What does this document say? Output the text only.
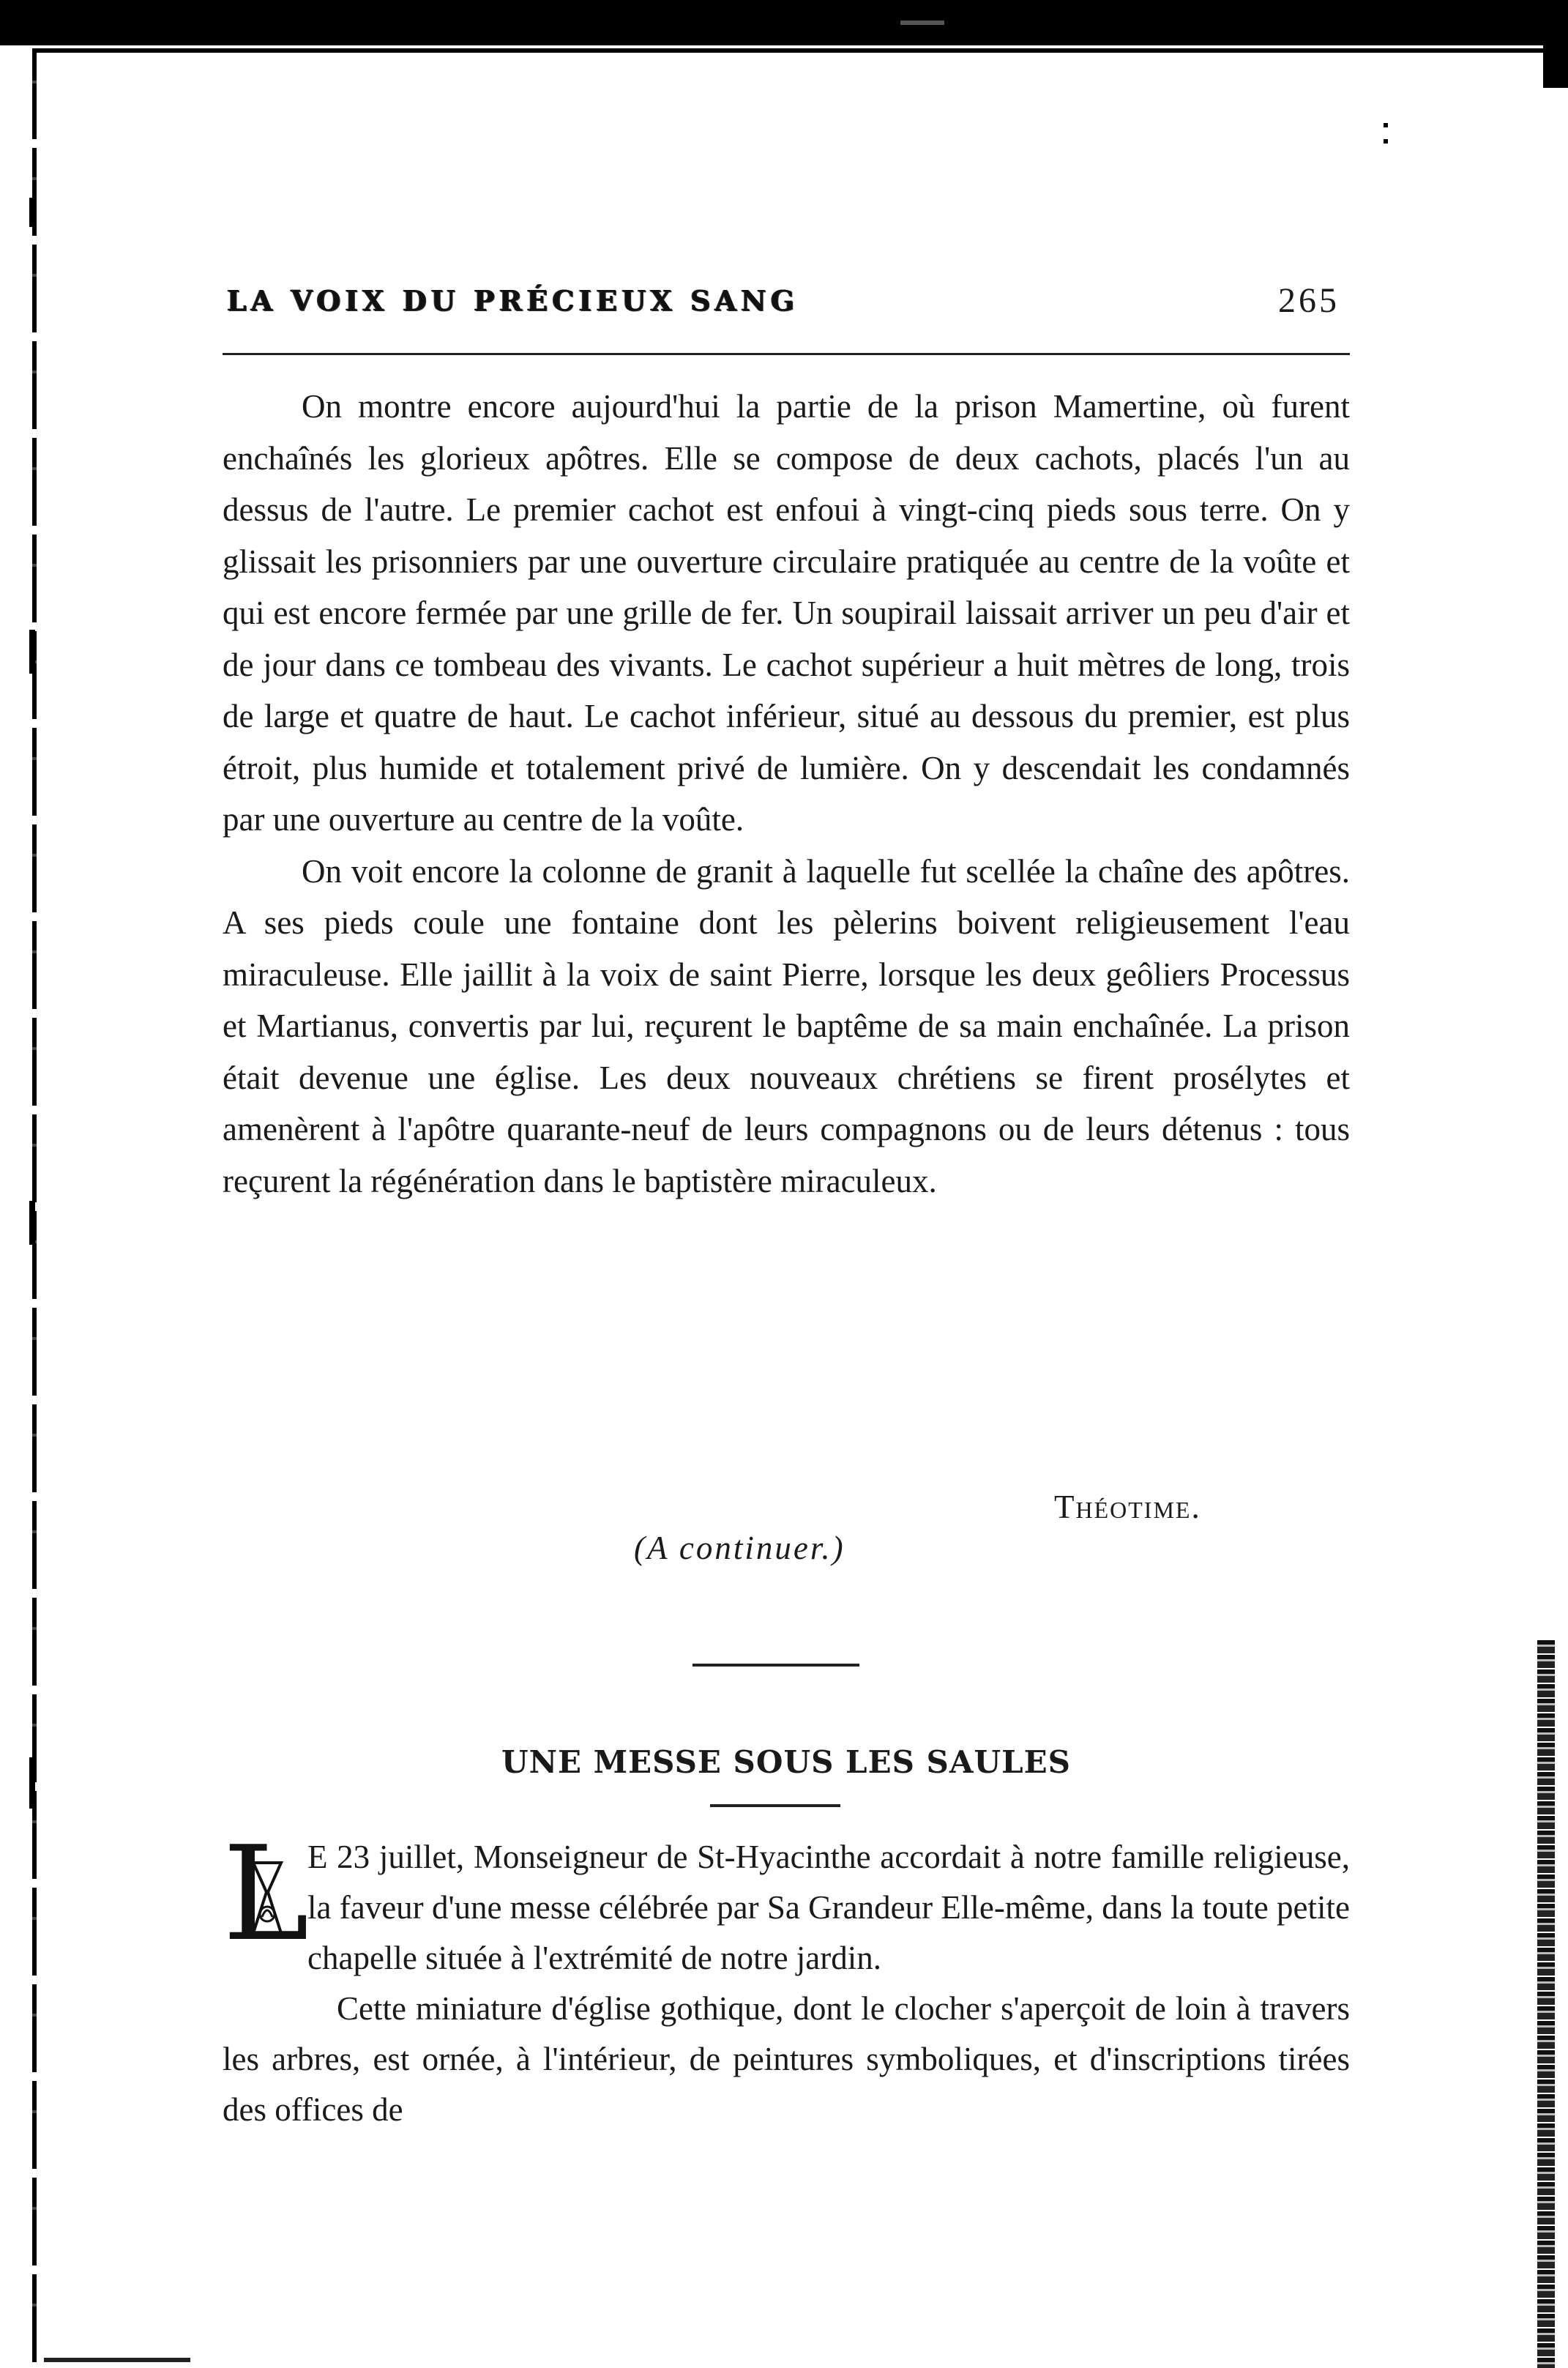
LA VOIX DU PRÉCIEUX SANG	265

On montre encore aujourd'hui la partie de la prison Mamertine, où furent enchaînés les glorieux apôtres. Elle se compose de deux cachots, placés l'un au dessus de l'autre. Le premier cachot est enfoui à vingt-cinq pieds sous terre. On y glissait les prisonniers par une ouverture circulaire pratiquée au centre de la voûte et qui est encore fermée par une grille de fer. Un soupirail laissait arriver un peu d'air et de jour dans ce tombeau des vivants. Le cachot supérieur a huit mètres de long, trois de large et quatre de haut. Le cachot inférieur, situé au dessous du premier, est plus étroit, plus humide et totalement privé de lumière. On y descendait les condamnés par une ouverture au centre de la voûte.

On voit encore la colonne de granit à laquelle fut scellée la chaîne des apôtres. A ses pieds coule une fontaine dont les pèlerins boivent religieusement l'eau miraculeuse. Elle jaillit à la voix de saint Pierre, lorsque les deux geôliers Processus et Martianus, convertis par lui, reçurent le baptême de sa main enchaînée. La prison était devenue une église. Les deux nouveaux chrétiens se firent prosélytes et amenèrent à l'apôtre quarante-neuf de leurs compagnons ou de leurs détenus : tous reçurent la régénération dans le baptistère miraculeux.

Théotime.
(A continuer.)
UNE MESSE SOUS LES SAULES

L
E 23 juillet, Monseigneur de St-Hyacinthe accordait à notre famille religieuse, la faveur d'une messe célébrée par Sa Grandeur Elle-même, dans la toute petite chapelle située à l'extrémité de notre jardin.

Cette miniature d'église gothique, dont le clocher s'aperçoit de loin à travers les arbres, est ornée, à l'intérieur, de peintures symboliques, et d'inscriptions tirées des offices de
